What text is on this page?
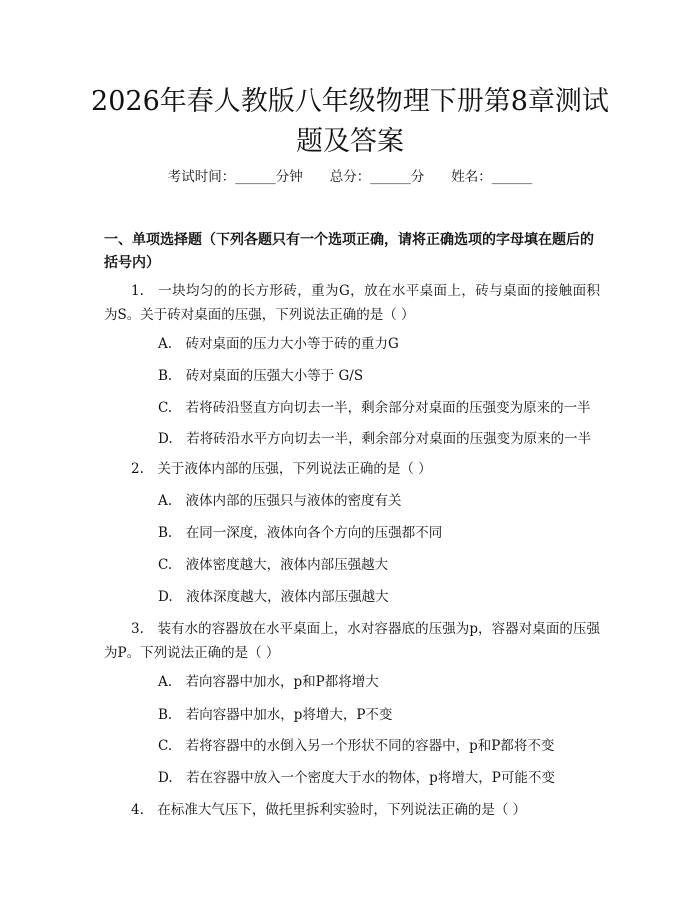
2026年春人教版八年级物理下册第8章测试题及答案
考试时间：______分钟　　总分：______分　　姓名：______
一、单项选择题（下列各题只有一个选项正确，请将正确选项的字母填在题后的括号内）
1.　一块均匀的的长方形砖，重为G，放在水平桌面上，砖与桌面的接触面积为S。关于砖对桌面的压强，下列说法正确的是（ ）
A.　砖对桌面的压力大小等于砖的重力G
B.　砖对桌面的压强大小等于 G/S
C.　若将砖沿竖直方向切去一半，剩余部分对桌面的压强变为原来的一半
D.　若将砖沿水平方向切去一半，剩余部分对桌面的压强变为原来的一半
2.　关于液体内部的压强，下列说法正确的是（ ）
A.　液体内部的压强只与液体的密度有关
B.　在同一深度，液体向各个方向的压强都不同
C.　液体密度越大，液体内部压强越大
D.　液体深度越大，液体内部压强越大
3.　装有水的容器放在水平桌面上，水对容器底的压强为p，容器对桌面的压强为P。下列说法正确的是（ ）
A.　若向容器中加水，p和P都将增大
B.　若向容器中加水，p将增大，P不变
C.　若将容器中的水倒入另一个形状不同的容器中，p和P都将不变
D.　若在容器中放入一个密度大于水的物体，p将增大，P可能不变
4.　在标准大气压下，做托里拆利实验时，下列说法正确的是（ ）
